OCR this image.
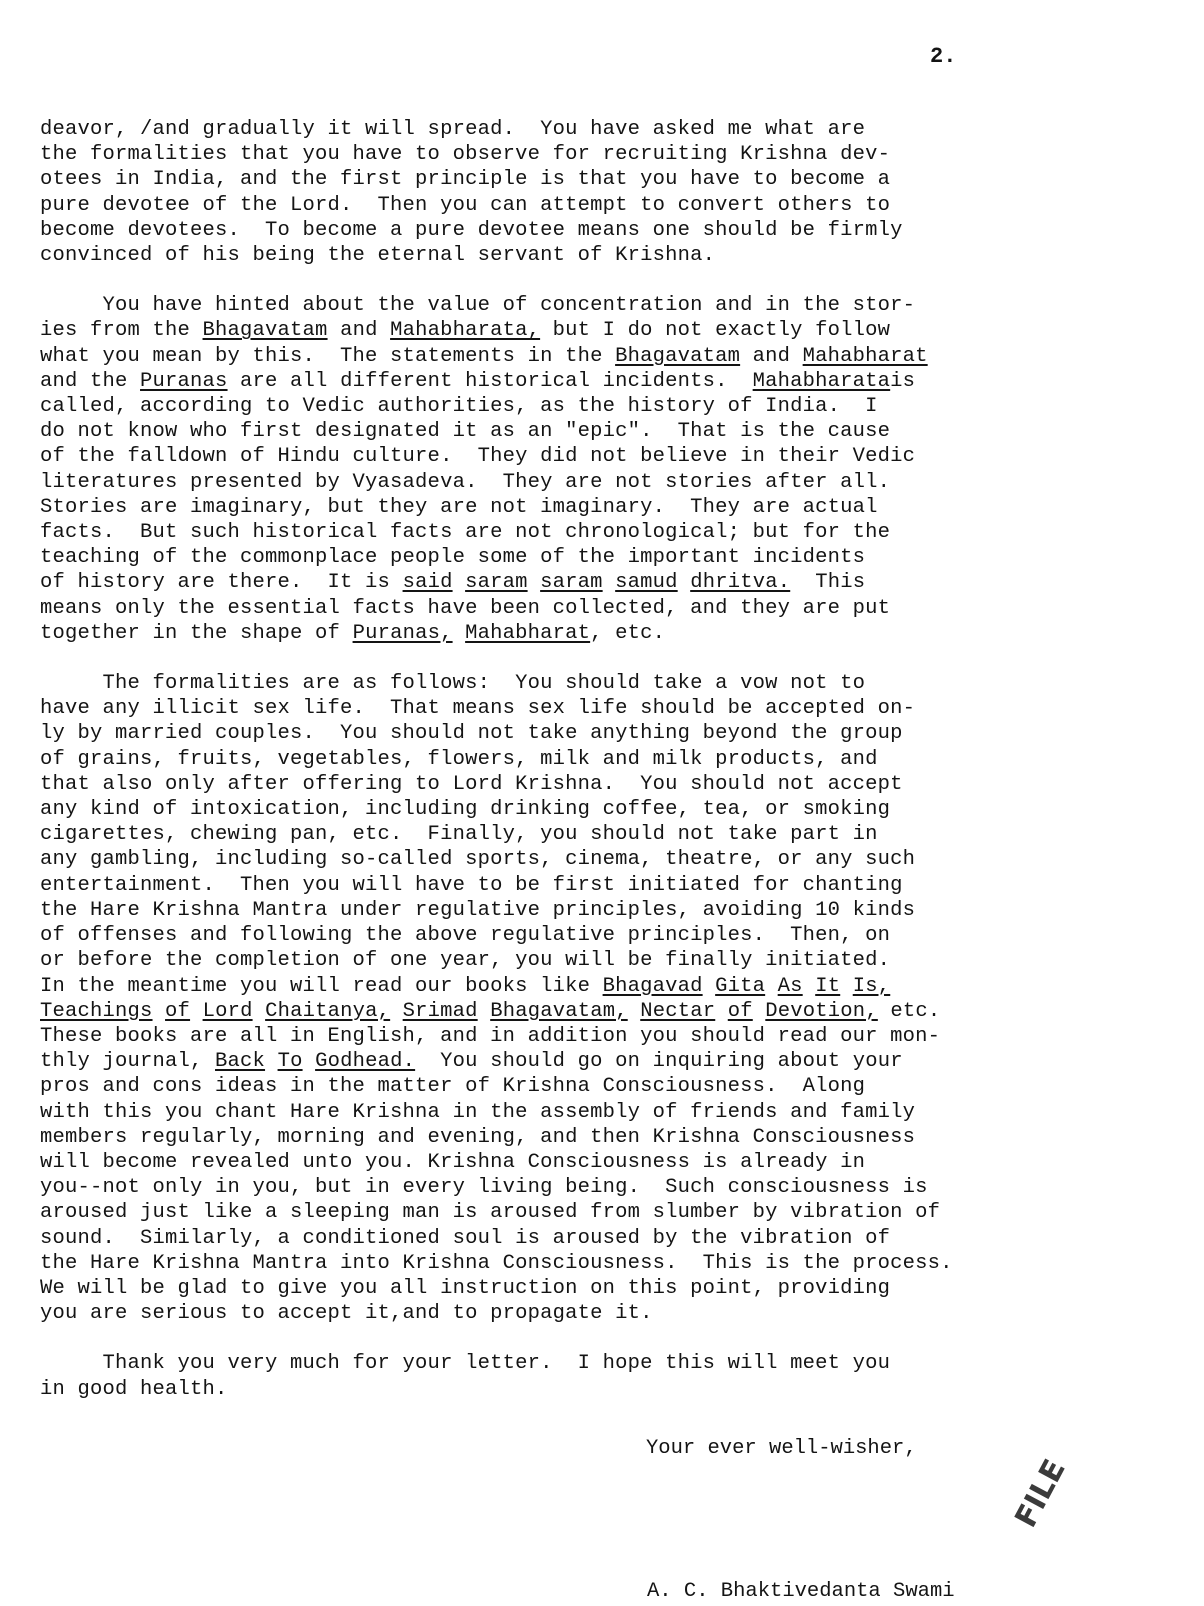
2.
deavor, /and gradually it will spread.  You have asked me what are
the formalities that you have to observe for recruiting Krishna dev-
otees in India, and the first principle is that you have to become a
pure devotee of the Lord.  Then you can attempt to convert others to
become devotees.  To become a pure devotee means one should be firmly
convinced of his being the eternal servant of Krishna.
You have hinted about the value of concentration and in the stor-
ies from the Bhagavatam and Mahabharata, but I do not exactly follow
what you mean by this.  The statements in the Bhagavatam and Mahabharat
and the Puranas are all different historical incidents.  Mahabharatais
called, according to Vedic authorities, as the history of India.  I
do not know who first designated it as an "epic".  That is the cause
of the falldown of Hindu culture.  They did not believe in their Vedic
literatures presented by Vyasadeva.  They are not stories after all.
Stories are imaginary, but they are not imaginary.  They are actual
facts.  But such historical facts are not chronological; but for the
teaching of the commonplace people some of the important incidents
of history are there.  It is said saram saram samud dhritva.  This
means only the essential facts have been collected, and they are put
together in the shape of Puranas, Mahabharat, etc.
The formalities are as follows:  You should take a vow not to
have any illicit sex life.  That means sex life should be accepted on-
ly by married couples.  You should not take anything beyond the group
of grains, fruits, vegetables, flowers, milk and milk products, and
that also only after offering to Lord Krishna.  You should not accept
any kind of intoxication, including drinking coffee, tea, or smoking
cigarettes, chewing pan, etc.  Finally, you should not take part in
any gambling, including so-called sports, cinema, theatre, or any such
entertainment.  Then you will have to be first initiated for chanting
the Hare Krishna Mantra under regulative principles, avoiding 10 kinds
of offenses and following the above regulative principles.  Then, on
or before the completion of one year, you will be finally initiated.
In the meantime you will read our books like Bhagavad Gita As It Is,
Teachings of Lord Chaitanya, Srimad Bhagavatam, Nectar of Devotion, etc.
These books are all in English, and in addition you should read our mon-
thly journal, Back To Godhead.  You should go on inquiring about your
pros and cons ideas in the matter of Krishna Consciousness.  Along
with this you chant Hare Krishna in the assembly of friends and family
members regularly, morning and evening, and then Krishna Consciousness
will become revealed unto you. Krishna Consciousness is already in
you--not only in you, but in every living being.  Such consciousness is
aroused just like a sleeping man is aroused from slumber by vibration of
sound.  Similarly, a conditioned soul is aroused by the vibration of
the Hare Krishna Mantra into Krishna Consciousness.  This is the process.
We will be glad to give you all instruction on this point, providing
you are serious to accept it,and to propagate it.
Thank you very much for your letter.  I hope this will meet you
in good health.
Your ever well-wisher,
FILE
A. C. Bhaktivedanta Swami
